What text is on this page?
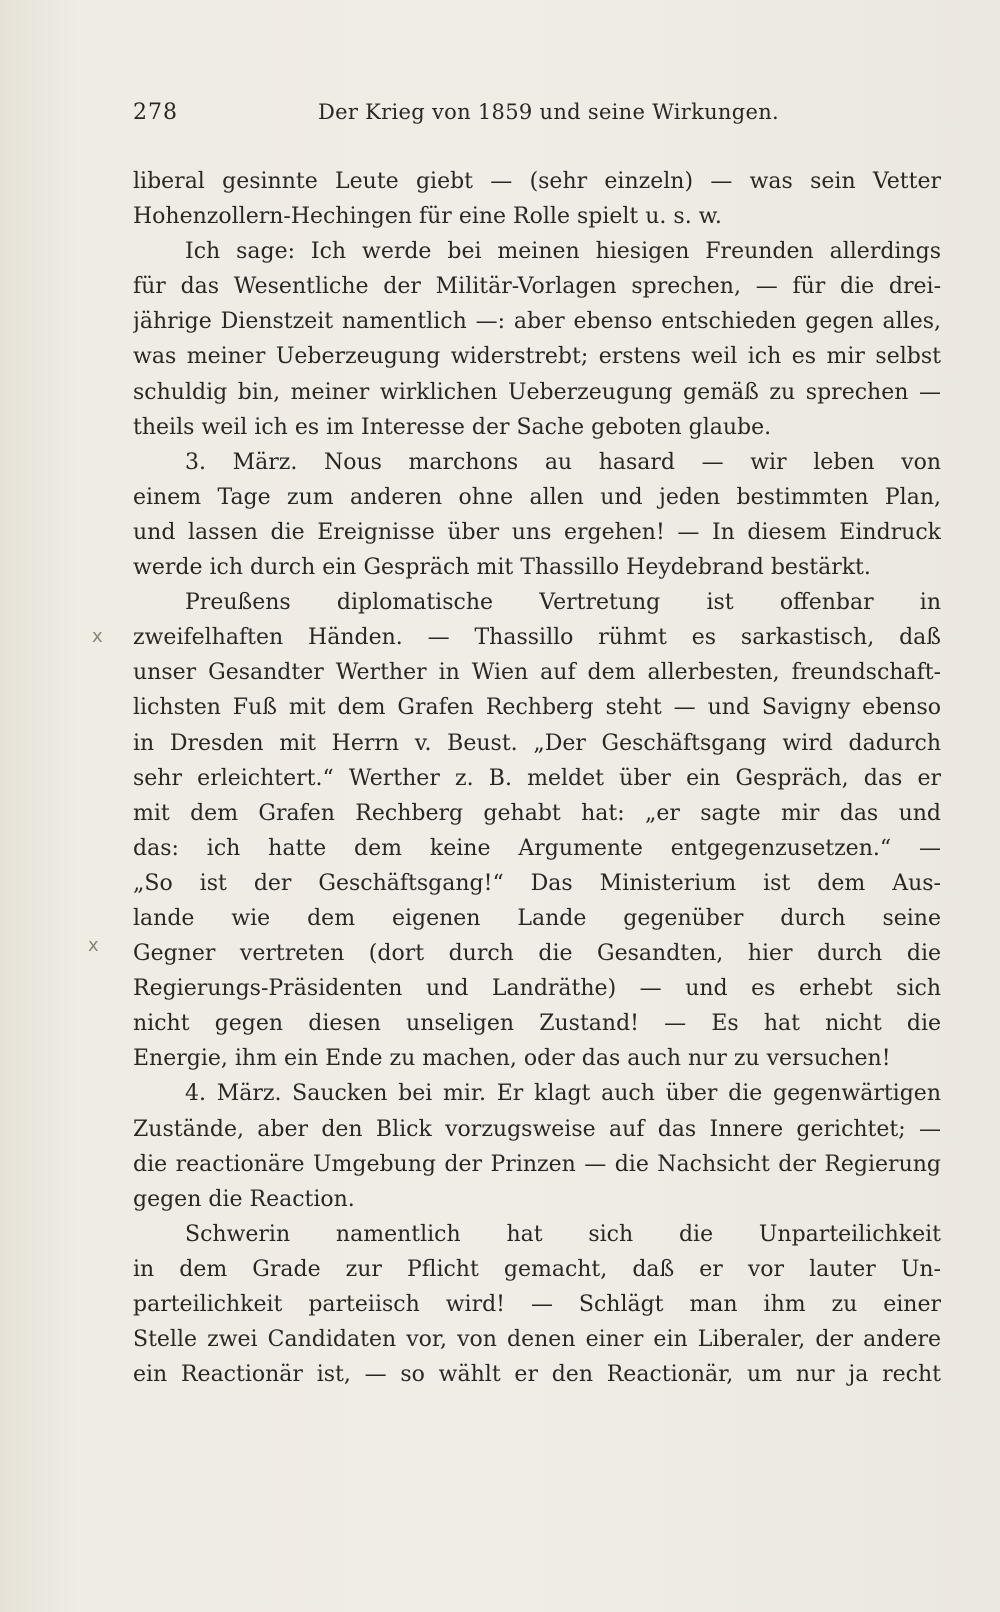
278	Der Krieg von 1859 und seine Wirkungen.
x
x
liberal gesinnte Leute giebt — (sehr einzeln) — was sein Vetter
Hohenzollern-Hechingen für eine Rolle spielt u. s. w.
Ich sage: Ich werde bei meinen hiesigen Freunden allerdings
für das Wesentliche der Militär-Vorlagen sprechen, — für die drei-
jährige Dienstzeit namentlich —: aber ebenso entschieden gegen alles,
was meiner Ueberzeugung widerstrebt; erstens weil ich es mir selbst
schuldig bin, meiner wirklichen Ueberzeugung gemäß zu sprechen —
theils weil ich es im Interesse der Sache geboten glaube.
3. März. Nous marchons au hasard — wir leben von
einem Tage zum anderen ohne allen und jeden bestimmten Plan,
und lassen die Ereignisse über uns ergehen! — In diesem Eindruck
werde ich durch ein Gespräch mit Thassillo Heydebrand bestärkt.
Preußens diplomatische Vertretung ist offenbar in
zweifelhaften Händen. — Thassillo rühmt es sarkastisch, daß
unser Gesandter Werther in Wien auf dem allerbesten, freundschaft-
lichsten Fuß mit dem Grafen Rechberg steht — und Savigny ebenso
in Dresden mit Herrn v. Beust. „Der Geschäftsgang wird dadurch
sehr erleichtert.“ Werther z. B. meldet über ein Gespräch, das er
mit dem Grafen Rechberg gehabt hat: „er sagte mir das und
das: ich hatte dem keine Argumente entgegenzusetzen.“ —
„So ist der Geschäftsgang!“ Das Ministerium ist dem Aus-
lande wie dem eigenen Lande gegenüber durch seine
Gegner vertreten (dort durch die Gesandten, hier durch die
Regierungs-Präsidenten und Landräthe) — und es erhebt sich
nicht gegen diesen unseligen Zustand! — Es hat nicht die
Energie, ihm ein Ende zu machen, oder das auch nur zu versuchen!
4. März. Saucken bei mir. Er klagt auch über die gegenwärtigen
Zustände, aber den Blick vorzugsweise auf das Innere gerichtet; —
die reactionäre Umgebung der Prinzen — die Nachsicht der Regierung
gegen die Reaction.
Schwerin namentlich hat sich die Unparteilichkeit
in dem Grade zur Pflicht gemacht, daß er vor lauter Un-
parteilichkeit parteiisch wird! — Schlägt man ihm zu einer
Stelle zwei Candidaten vor, von denen einer ein Liberaler, der andere
ein Reactionär ist, — so wählt er den Reactionär, um nur ja recht
